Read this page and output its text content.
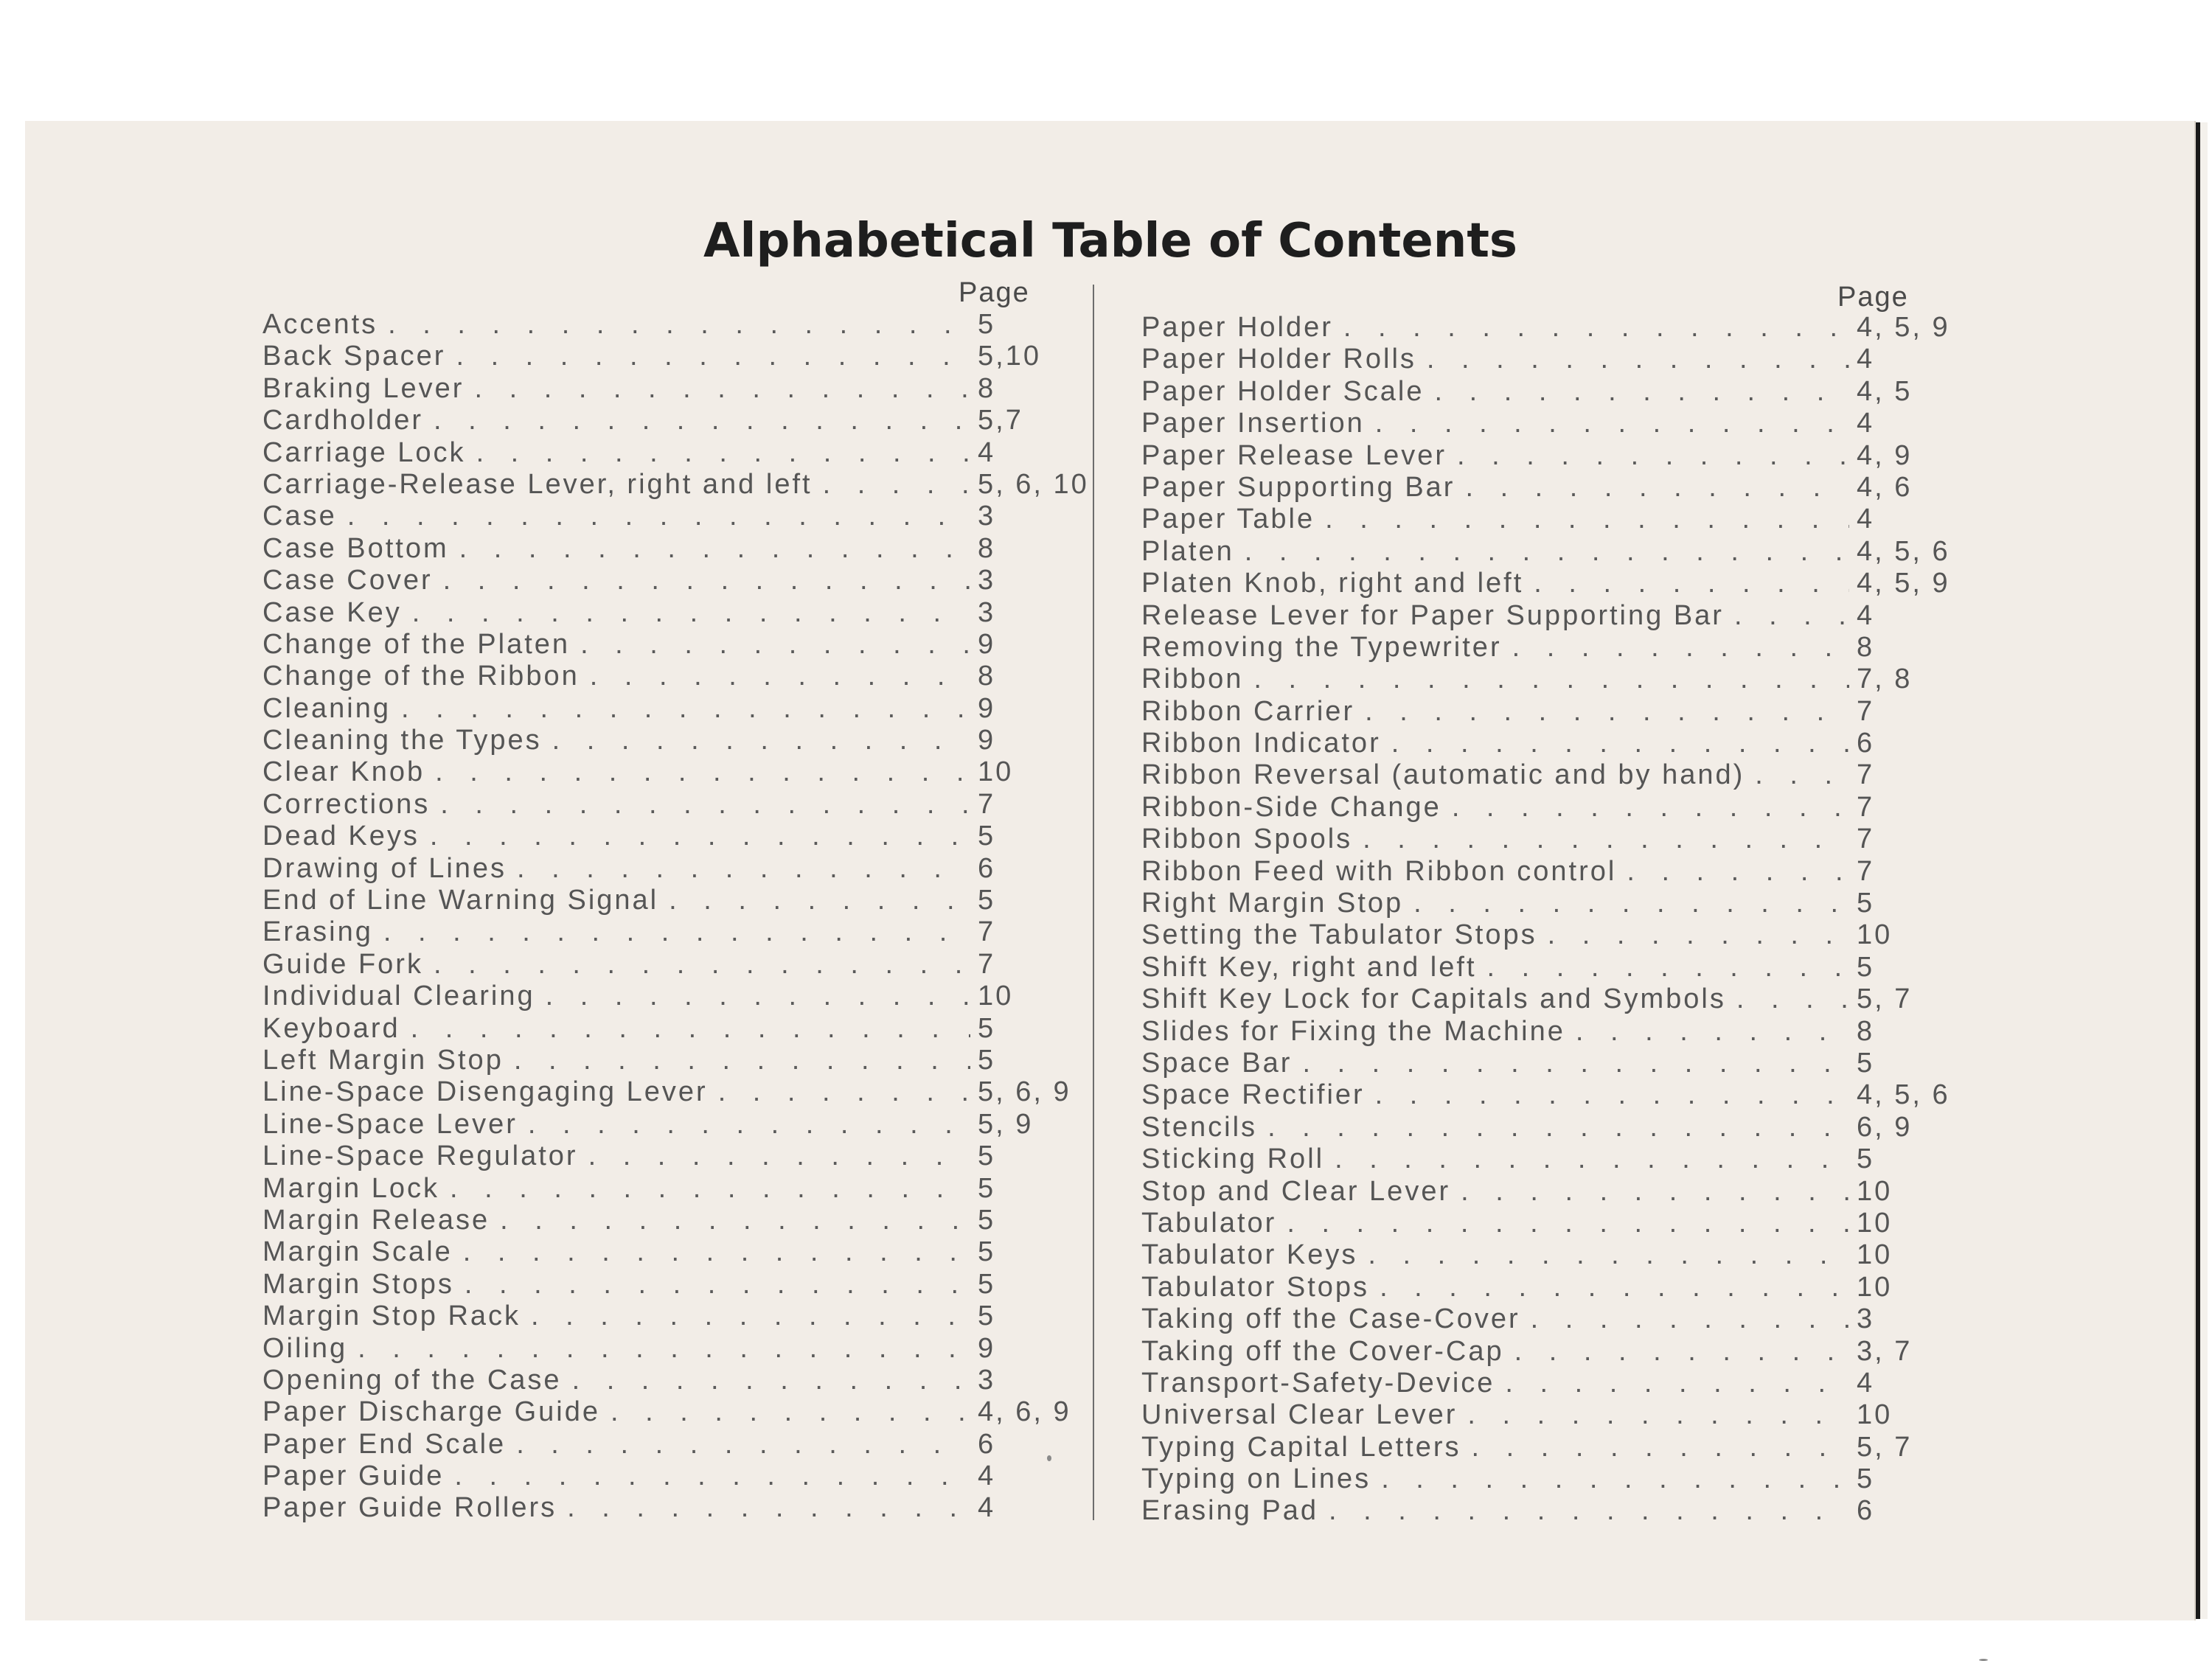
Alphabetical Table of Contents
Page	Page
Accents . . .	5
Back Spacer . . .	5,10
Braking Lever . . .	8
Cardholder . . .	5,7
Carriage Lock . . .	4
Carriage-Release Lever, right and left . . .	5, 6, 10
Case . . .	3
Case Bottom . . .	8
Case Cover . . .	3
Case Key . . .	3
Change of the Platen . . .	9
Change of the Ribbon . . .	8
Cleaning . . .	9
Cleaning the Types . . .	9
Clear Knob . . .	10
Corrections . . .	7
Dead Keys . . .	5
Drawing of Lines . . .	6
End of Line Warning Signal . . .	5
Erasing . . .	7
Guide Fork . . .	7
Individual Clearing . . .	10
Keyboard . . .	5
Left Margin Stop . . .	5
Line-Space Disengaging Lever . . .	5, 6, 9
Line-Space Lever . . .	5, 9
Line-Space Regulator . . .	5
Margin Lock . . .	5
Margin Release . . .	5
Margin Scale . . .	5
Margin Stops . . .	5
Margin Stop Rack . . .	5
Oiling . . .	9
Opening of the Case . . .	3
Paper Discharge Guide . . .	4, 6, 9
Paper End Scale . . .	6
Paper Guide . . .	4
Paper Guide Rollers . . .	4
Paper Holder . . .	4, 5, 9
Paper Holder Rolls . . .	4
Paper Holder Scale . . .	4, 5
Paper Insertion . . .	4
Paper Release Lever . . .	4, 9
Paper Supporting Bar . . .	4, 6
Paper Table . . .	4
Platen . . .	4, 5, 6
Platen Knob, right and left . . .	4, 5, 9
Release Lever for Paper Supporting Bar . . .	4
Removing the Typewriter . . .	8
Ribbon . . .	7, 8
Ribbon Carrier . . .	7
Ribbon Indicator . . .	6
Ribbon Reversal (automatic and by hand) . . .	7
Ribbon-Side Change . . .	7
Ribbon Spools . . .	7
Ribbon Feed with Ribbon control . . .	7
Right Margin Stop . . .	5
Setting the Tabulator Stops . . .	10
Shift Key, right and left . . .	5
Shift Key Lock for Capitals and Symbols . . .	5, 7
Slides for Fixing the Machine . . .	8
Space Bar . . .	5
Space Rectifier . . .	4, 5, 6
Stencils . . .	6, 9
Sticking Roll . . .	5
Stop and Clear Lever . . .	10
Tabulator . . .	10
Tabulator Keys . . .	10
Tabulator Stops . . .	10
Taking off the Case-Cover . . .	3
Taking off the Cover-Cap . . .	3, 7
Transport-Safety-Device . . .	4
Universal Clear Lever . . .	10
Typing Capital Letters . . .	5, 7
Typing on Lines . . .	5
Erasing Pad . . .	6
